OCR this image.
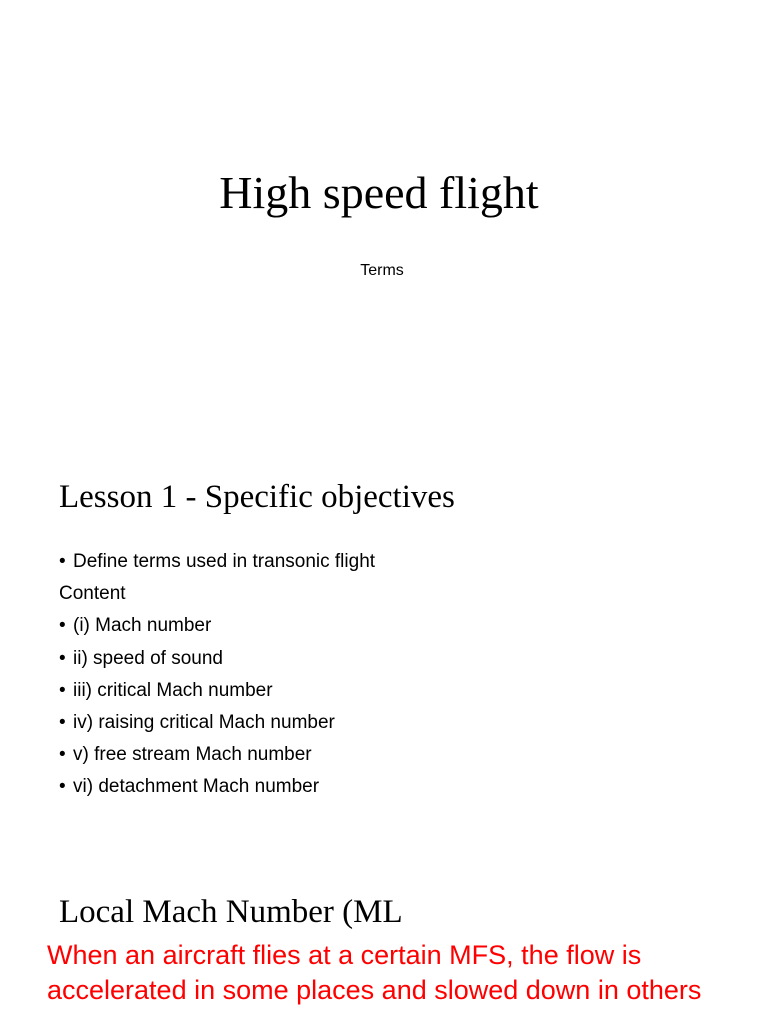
High speed flight
Terms
Lesson 1 - Specific objectives
• Define terms used in transonic flight
Content
• (i) Mach number
• ii) speed of sound
• iii) critical Mach number
• iv) raising critical Mach number
• v) free stream Mach number
• vi) detachment Mach number
Local Mach Number (ML
When an aircraft flies at a certain MFS, the flow is accelerated in some places and slowed down in others
